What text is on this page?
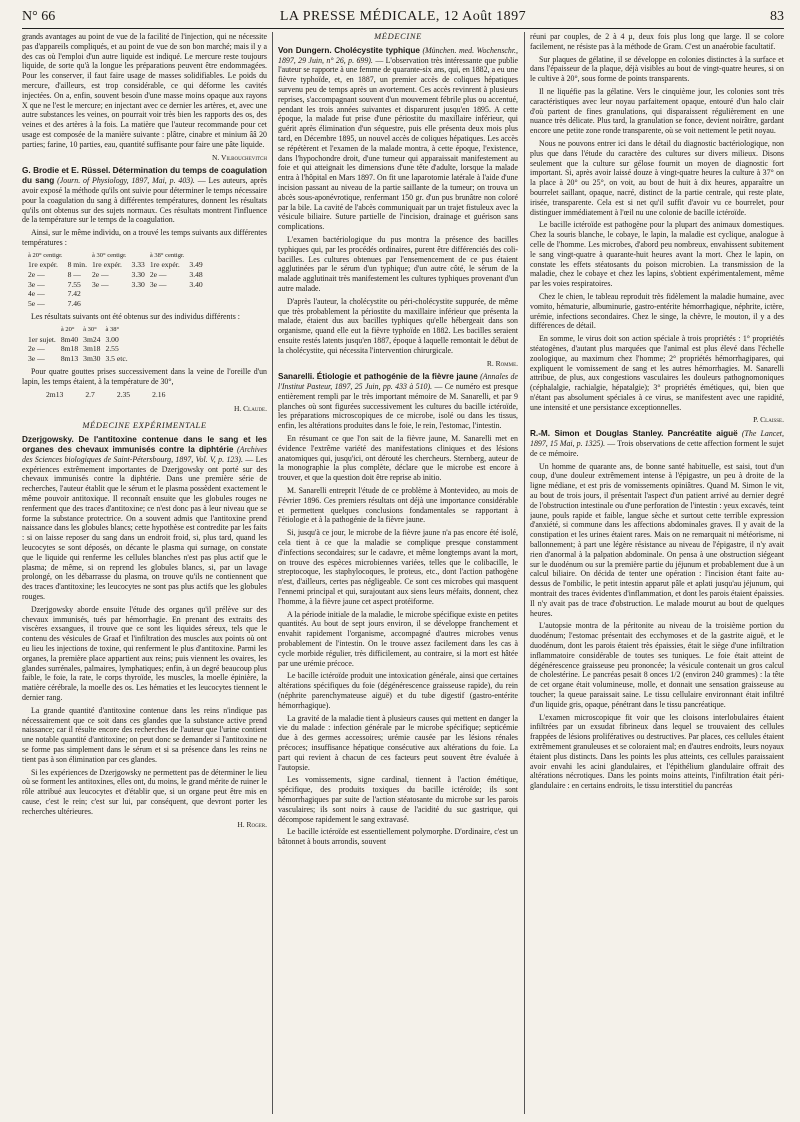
N° 66	LA PRESSE MÉDICALE, 12 Août 1897	83

grands avantages au point de vue de la facilité de l'injection, qui ne nécessite pas d'appareils compliqués, et au point de vue de son bon marché; mais il y a des cas où l'emploi d'un autre liquide est indiqué. Le mercure reste toujours liquide, de sorte qu'à la longue les préparations peuvent être endommagées. Pour les conserver, il faut faire usage de masses solidifiables. Le poids du mercure, d'ailleurs, est trop considérable, ce qui déforme les cavités injectées. On a, enfin, souvent besoin d'une masse moins opaque aux rayons X que ne l'est le mercure; en injectant avec ce dernier les artères, et, avec une autre substances les veines, on pourrait voir très bien les rapports des os, des veines et des artères à la fois. La matière que l'auteur recommande pour cet usage est composée de la manière suivante : plâtre, cinabre et minium ââ 20 parties; farine, 10 parties, eau, quantité suffisante pour faire une pâte liquide.

N. Vilbouchevitch

G. Brodie et E. Rüssel. Détermination du temps de coagulation du sang (Journ. of Physiology, 1897, Mai, p. 403). — Les auteurs, après avoir exposé la méthode qu'ils ont suivie pour déterminer le temps nécessaire pour la coagulation du sang à différentes températures, donnent les résultats qu'ils ont obtenus sur des sujets normaux. Ces résultats montrent l'influence de la température sur le temps de la coagulation.

Ainsi, sur le même individu, on a trouvé les temps suivants aux différentes températures :

à 20° centigr.		à 30° centigr.		à 38° centigr.	
1re expér.	8 min.	1re expér.	3.33	1re expér.	3.49
2e —	8 —	2e —	3.30	2e —	3.48
3e —	7.55	3e —	3.30	3e —	3.40
4e —	7.42				
5e —	7.46				

Les résultats suivants ont été obtenus sur des individus différents :

	à 20°	à 30°	à 38°
1er sujet.	8m40	3m24	3.00
2e —	8m18	3m18	2.55
3e —	8m13	3m30	3.5 etc.

Pour quatre gouttes prises successivement dans la veine de l'oreille d'un lapin, les temps étaient, à la température de 30°,

2m13	2.7	2.35	2.16
H. Claude.
MÉDECINE EXPÉRIMENTALE

Dzerjgowsky. De l'antitoxine contenue dans le sang et les organes des chevaux immunisés contre la diphtérie (Archives des Sciences biologiques de Saint-Pétersbourg, 1897, Vol. V, p. 123). — Les expériences extrêmement importantes de Dzerjgowsky ont porté sur des chevaux immunisés contre la diphtérie. Dans une première série de recherches, l'auteur établit que le sérum et le plasma possèdent exactement le même pouvoir antitoxique. Il reconnaît ensuite que les globules rouges ne renferment que des traces d'antitoxine; ce n'est donc pas à leur niveau que se forme la substance protectrice. On a souvent admis que l'antitoxine prend naissance dans les globules blancs; cette hypothèse est contredite par les faits : si on laisse reposer du sang dans un endroit froid, si, plus tard, quand les leucocytes se sont déposés, on décante le plasma qui surnage, on constate que le liquide qui renferme les cellules blanches n'est pas plus actif que le plasma; de même, si on reprend les globules blancs, si, par un lavage prolongé, on les débarrasse du plasma, on trouve qu'ils ne contiennent que des traces d'antitoxine; les leucocytes ne sont pas plus actifs que les globules rouges.

Dzerjgowsky aborde ensuite l'étude des organes qu'il prélève sur des chevaux immunisés, tués par hémorrhagie. En prenant des extraits des viscères exsangues, il trouve que ce sont les liquides séreux, tels que le contenu des vésicules de Graaf et l'infiltration des muscles aux points où ont eu lieu les injections de toxine, qui renferment le plus d'antitoxine. Parmi les organes, la première place appartient aux reins; puis viennent les ovaires, les glandes surrénales, palmaires, lymphatiques; enfin, à un degré beaucoup plus faible, le foie, la rate, le corps thyroïde, les muscles, la moelle épinière, la matière cérébrale, la moelle des os. Les hématies et les leucocytes tiennent le dernier rang.

La grande quantité d'antitoxine contenue dans les reins n'indique pas nécessairement que ce soit dans ces glandes que la substance active prend naissance; car il résulte encore des recherches de l'auteur que l'urine contient une notable quantité d'antitoxine; on peut donc se demander si l'antitoxine ne se forme pas simplement dans le sérum et si sa présence dans les reins ne tient pas à son élimination par ces glandes.

Si les expériences de Dzerjgowsky ne permettent pas de déterminer le lieu où se forment les antitoxines, elles ont, du moins, le grand mérite de ruiner le rôle attribué aux leucocytes et d'établir que, si un organe peut être mis en cause, c'est le rein; c'est sur lui, par conséquent, que devront porter les recherches ultérieures.

H. Roger.
MÉDECINE

Von Dungern. Cholécystite typhique (München. med. Wochenschr., 1897, 29 Juin, n° 26, p. 699). — L'observation très intéressante que publie l'auteur se rapporte à une femme de quarante-six ans, qui, en 1882, a eu une fièvre typhoïde, et, en 1887, un premier accès de coliques hépatiques survenu peu de temps après un avortement. Ces accès revinrent à plusieurs reprises, s'accompagnant souvent d'un mouvement fébrile plus ou accentué, pendant les trois années suivantes et disparurent jusqu'en 1895. A cette époque, la malade fut prise d'une périostite du maxillaire inférieur, qui guérit après élimination d'un séquestre, puis elle présenta deux mois plus tard, en Décembre 1895, un nouvel accès de coliques hépatiques. Les accès se répétèrent et l'examen de la malade montra, à cette époque, l'existence, dans l'hypochondre droit, d'une tumeur qui apparaissait manifestement au foie et qui atteignait les dimensions d'une tête d'adulte, lorsque la malade entra à l'hôpital en Mars 1897. On fit une laparotomie latérale à l'aide d'une incision passant au niveau de la partie saillante de la tumeur; on trouva un abcès sous-aponévrotique, renfermant 150 gr. d'un pus brunâtre non coloré par la bile. La cavité de l'abcès communiquait par un trajet fistuleux avec la vésicule biliaire. Suture partielle de l'incision, drainage et guérison sans complications.

L'examen bactériologique du pus montra la présence des bacilles typhiques qui, par les procédés ordinaires, purent être différenciés des coli-bacilles. Les cultures obtenues par l'ensemencement de ce pus étaient agglutinées par le sérum d'un typhique; d'un autre côté, le sérum de la malade agglutinait très manifestement les cultures typhiques provenant d'un autre malade.

D'après l'auteur, la cholécystite ou péri-cholécystite suppurée, de même que très probablement la périostite du maxillaire inférieur que présenta la malade, étaient dus aux bacilles typhiques qu'elle hébergeait dans son organisme, quand elle eut la fièvre typhoïde en 1882. Les bacilles seraient ensuite restés latents jusqu'en 1887, époque à laquelle remontait le début de la cholécystite, qui nécessita l'intervention chirurgicale.

R. Romme.

Sanarelli. Étiologie et pathogénie de la fièvre jaune (Annales de l'Institut Pasteur, 1897, 25 Juin, pp. 433 à 510). — Ce numéro est presque entièrement rempli par le très important mémoire de M. Sanarelli, et par 9 planches où sont figurées successivement les cultures du bacille ictéroïde, les préparations microscopiques de ce microbe, isolé ou dans les tissus, enfin, les altérations produites dans le foie, le rein, l'estomac, l'intestin.

En résumant ce que l'on sait de la fièvre jaune, M. Sanarelli met en évidence l'extrême variété des manifestations cliniques et des lésions anatomiques qui, jusqu'ici, ont dérouté les chercheurs. Sternberg, auteur de la monographie la plus complète, déclare que le microbe est encore à trouver, et que la question doit être reprise ab initio.

M. Sanarelli entreprit l'étude de ce problème à Montevideo, au mois de Février 1896. Ces premiers résultats ont déjà une importance considérable et permettent quelques conclusions fondamentales se rapportant à l'étiologie et à la pathogénie de la fièvre jaune.

Si, jusqu'à ce jour, le microbe de la fièvre jaune n'a pas encore été isolé, cela tient à ce que la maladie se complique presque constamment d'infections secondaires; sur le cadavre, et même longtemps avant la mort, on trouve des espèces microbiennes variées, telles que le colibacille, le streptocoque, les staphylocoques, le proteus, etc., dont l'action pathogène n'est, d'ailleurs, certes pas négligeable. Ce sont ces microbes qui masquent l'ennemi principal et qui, surajoutant aux siens leurs méfaits, donnent, chez l'homme, à la fièvre jaune cet aspect protéiforme.

A la période initiale de la maladie, le microbe spécifique existe en petites quantités. Au bout de sept jours environ, il se développe franchement et envahit rapidement l'organisme, accompagné d'autres microbes venus probablement de l'intestin. On le trouve assez facilement dans les cas à cycle morbide régulier, très difficilement, au contraire, si la mort est hâtée par une urémie précoce.

Le bacille ictéroïde produit une intoxication générale, ainsi que certaines altérations spécifiques du foie (dégénérescence graisseuse rapide), du rein (néphrite parenchymateuse aiguë) et du tube digestif (gastro-entérite hémorrhagique).

La gravité de la maladie tient à plusieurs causes qui mettent en danger la vie du malade : infection générale par le microbe spécifique; septicémie due à des germes accessoires; urémie causée par les lésions rénales précoces; insuffisance hépatique consécutive aux altérations du foie. La part qui revient à chacun de ces facteurs peut souvent être évaluée à l'autopsie.

Les vomissements, signe cardinal, tiennent à l'action émétique, spécifique, des produits toxiques du bacille ictéroïde; ils sont hémorrhagiques par suite de l'action stéatosante du microbe sur les parois vasculaires; ils sont noirs à cause de l'acidité du suc gastrique, qui décompose rapidement le sang extravasé.

Le bacille ictéroïde est essentiellement polymorphe. D'ordinaire, c'est un bâtonnet à bouts arrondis, souvent

réuni par couples, de 2 à 4 µ, deux fois plus long que large. Il se colore facilement, ne résiste pas à la méthode de Gram. C'est un anaérobie facultatif.

Sur plaques de gélatine, il se développe en colonies distinctes à la surface et dans l'épaisseur de la plaque, déjà visibles au bout de vingt-quatre heures, si on le cultive à 20°, sous forme de points transparents.

Il ne liquéfie pas la gélatine. Vers le cinquième jour, les colonies sont très caractéristiques avec leur noyau parfaitement opaque, entouré d'un halo clair d'où partent de fines granulations, qui disparaissent régulièrement en une nuance très délicate. Plus tard, la granulation se fonce, devient noirâtre, gardant encore une petite zone ronde transparente, où se voit nettement le petit noyau.

Nous ne pouvons entrer ici dans le détail du diagnostic bactériologique, non plus que dans l'étude du caractère des cultures sur divers milieux. Disons seulement que la culture sur gélose fournit un moyen de diagnostic fort important. Si, après avoir laissé douze à vingt-quatre heures la culture à 37° on la place à 20° ou 25°, on voit, au bout de huit à dix heures, apparaître un bourrelet saillant, opaque, nacré, distinct de la partie centrale, qui reste plate, irisée, transparente. Cela est si net qu'il suffit d'avoir vu ce bourrelet, pour distinguer immédiatement à l'œil nu une colonie de bacille ictéroïde.

Le bacille ictéroïde est pathogène pour la plupart des animaux domestiques. Chez la souris blanche, le cobaye, le lapin, la maladie est cyclique, analogue à celle de l'homme. Les microbes, d'abord peu nombreux, envahissent subitement le sang vingt-quatre à quarante-huit heures avant la mort. Chez le lapin, on constate les effets stéatosants du poison microbien. La transmission de la maladie, chez le cobaye et chez les lapins, s'obtient expérimentalement, même par les voies respiratoires.

Chez le chien, le tableau reproduit très fidèlement la maladie humaine, avec vomito, hématurie, albuminurie, gastro-entérite hémorrhagique, néphrite, ictère, urémie, infections secondaires. Chez le singe, la chèvre, le mouton, il y a des différences de détail.

En somme, le virus doit son action spéciale à trois propriétés : 1° propriétés stéatogènes, d'autant plus marquées que l'animal est plus élevé dans l'échelle zoologique, au maximum chez l'homme; 2° propriétés hémorrhagipares, qui expliquent le vomissement de sang et les autres hémorrhagies. M. Sanarelli attribue, de plus, aux congestions vasculaires les douleurs pathognomoniques (céphalalgie, rachialgie, hépatalgie); 3° propriétés émétiques, qui, bien que n'étant pas absolument spéciales à ce virus, se manifestent avec une rapidité, une intensité et une persistance exceptionnelles.

P. Claisse.

R.-M. Simon et Douglas Stanley. Pancréatite aiguë (The Lancet, 1897, 15 Mai, p. 1325). — Trois observations de cette affection forment le sujet de ce mémoire.

Un homme de quarante ans, de bonne santé habituelle, est saisi, tout d'un coup, d'une douleur extrêmement intense à l'épigastre, un peu à droite de la ligne médiane, et est pris de vomissements opiniâtres. Quand M. Simon le vit, au bout de trois jours, il présentait l'aspect d'un patient arrivé au dernier degré de l'obstruction intestinale ou d'une perforation de l'intestin : yeux excavés, teint jaune, pouls rapide et faible, langue sèche et surtout cette terrible expression d'anxiété, si commune dans les affections abdominales graves. Il y avait de la constipation et les urines étaient rares. Mais on ne remarquait ni météorisme, ni ballonnement; à part une légère résistance au niveau de l'épigastre, il n'y avait rien d'anormal à la palpation abdominale. On pensa à une obstruction siégeant sur le duodénum ou sur la première partie du jéjunum et probablement due à un calcul biliaire. On décida de tenter une opération : l'incision étant faite au-dessus de l'ombilic, le petit intestin apparut pâle et aplati jusqu'au jéjunum, qui montrait des traces évidentes d'inflammation, et dont les parois étaient épaissies. Il n'y avait pas de trace d'obstruction. Le malade mourut au bout de quelques heures.

L'autopsie montra de la péritonite au niveau de la troisième portion du duodénum; l'estomac présentait des ecchymoses et de la gastrite aiguë, et le duodénum, dont les parois étaient très épaissies, était le siège d'une infiltration inflammatoire considérable de toutes ses tuniques. Le foie était atteint de dégénérescence graisseuse peu prononcée; la vésicule contenait un gros calcul de cholestérine. Le pancréas pesait 8 onces 1/2 (environ 240 grammes) : la tête de cet organe était volumineuse, molle, et donnait une sensation graisseuse au toucher; la queue paraissait saine. Le tissu cellulaire environnant était infiltré d'un liquide gris, opaque, pénétrant dans le tissu pancréatique.

L'examen microscopique fit voir que les cloisons interlobulaires étaient infiltrées par un exsudat fibrineux dans lequel se trouvaient des cellules frappées de lésions prolifératives ou destructives. Par places, ces cellules étaient extrêmement granuleuses et se coloraient mal; en d'autres endroits, leurs noyaux étaient plus distincts. Dans les points les plus atteints, ces cellules paraissaient avoir envahi les acini glandulaires, et l'épithélium glandulaire offrait des altérations nécrotiques. Dans les points moins atteints, l'infiltration était péri-glandulaire : en certains endroits, le tissu interstitiel du pancréas
